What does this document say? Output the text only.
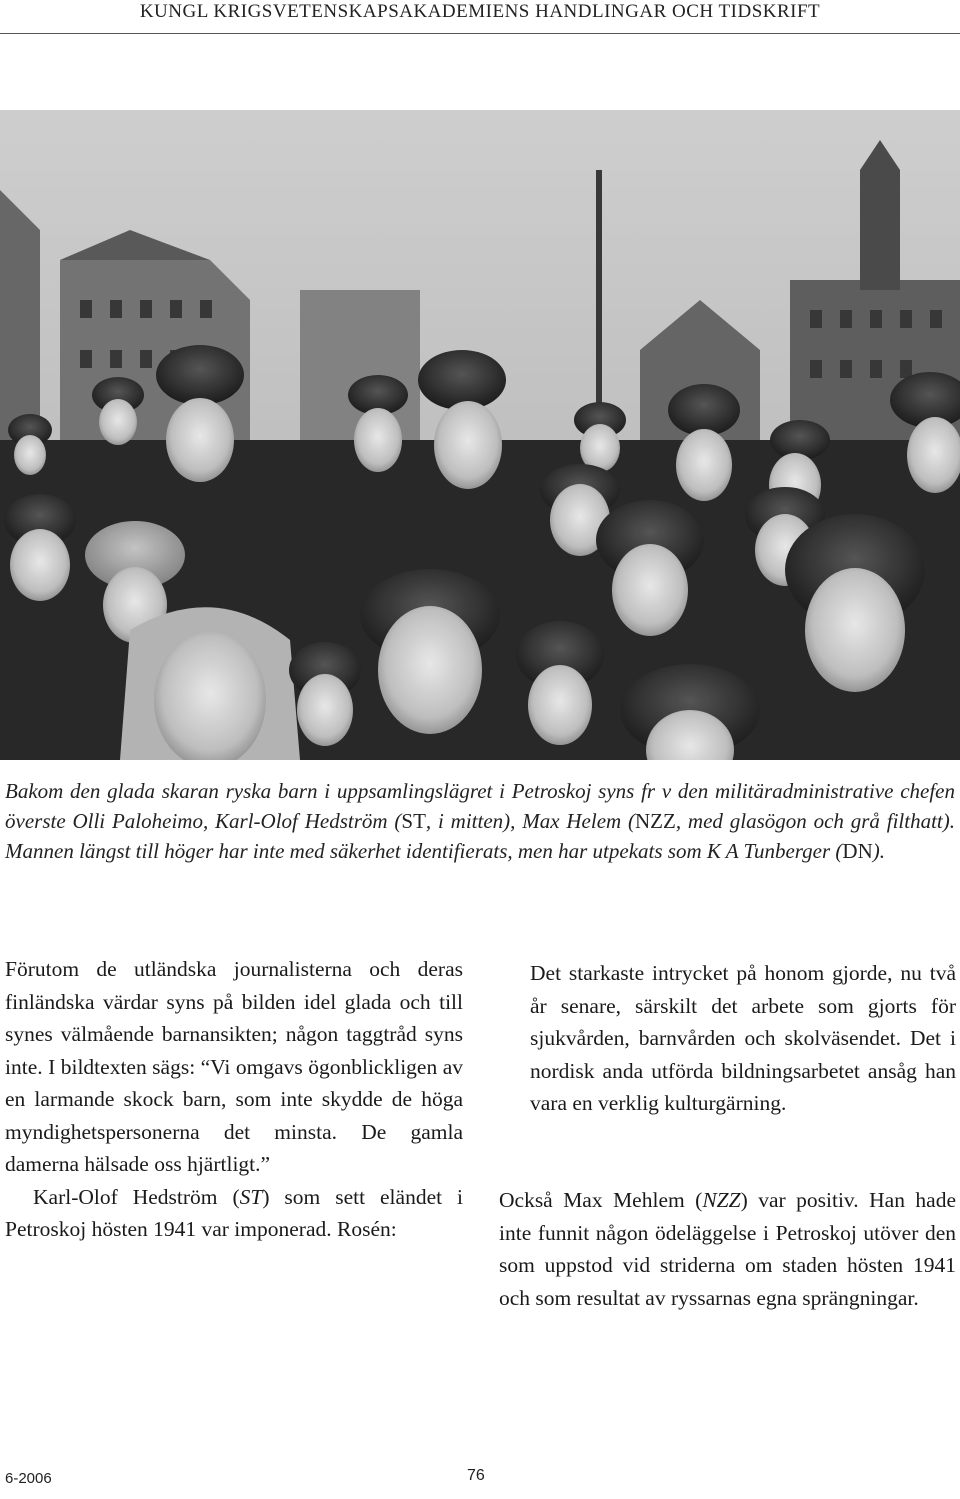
KUNGL KRIGSVETENSKAPSAKADEMIENS HANDLINGAR OCH TIDSKRIFT
Bakom den glada skaran ryska barn i uppsamlingslägret i Petroskoj syns fr v den militäradministrative chefen överste Olli Paloheimo, Karl-Olof Hedström (ST, i mitten), Max Helem (NZZ, med glasögon och grå filthatt). Mannen längst till höger har inte med säkerhet identifierats, men har utpekats som K A Tunberger (DN).

Förutom de utländska journalisterna och deras finländska värdar syns på bilden idel glada och till synes välmående barnansikten; någon taggtråd syns inte. I bildtexten sägs: “Vi omgavs ögonblickligen av en larmande skock barn, som inte skydde de höga myndighetspersonerna det minsta. De gamla damerna hälsade oss hjärtligt.”

Karl-Olof Hedström (ST) som sett eländet i Petroskoj hösten 1941 var imponerad. Rosén:

Det starkaste intrycket på honom gjorde, nu två år senare, särskilt det arbete som gjorts för sjukvården, barnvården och skolväsendet. Det i nordisk anda utförda bildningsarbetet ansåg han vara en verklig kulturgärning.

Också Max Mehlem (NZZ) var positiv. Han hade inte funnit någon ödeläggelse i Petroskoj utöver den som uppstod vid striderna om staden hösten 1941 och som resultat av ryssarnas egna sprängningar.

6-2006	76
